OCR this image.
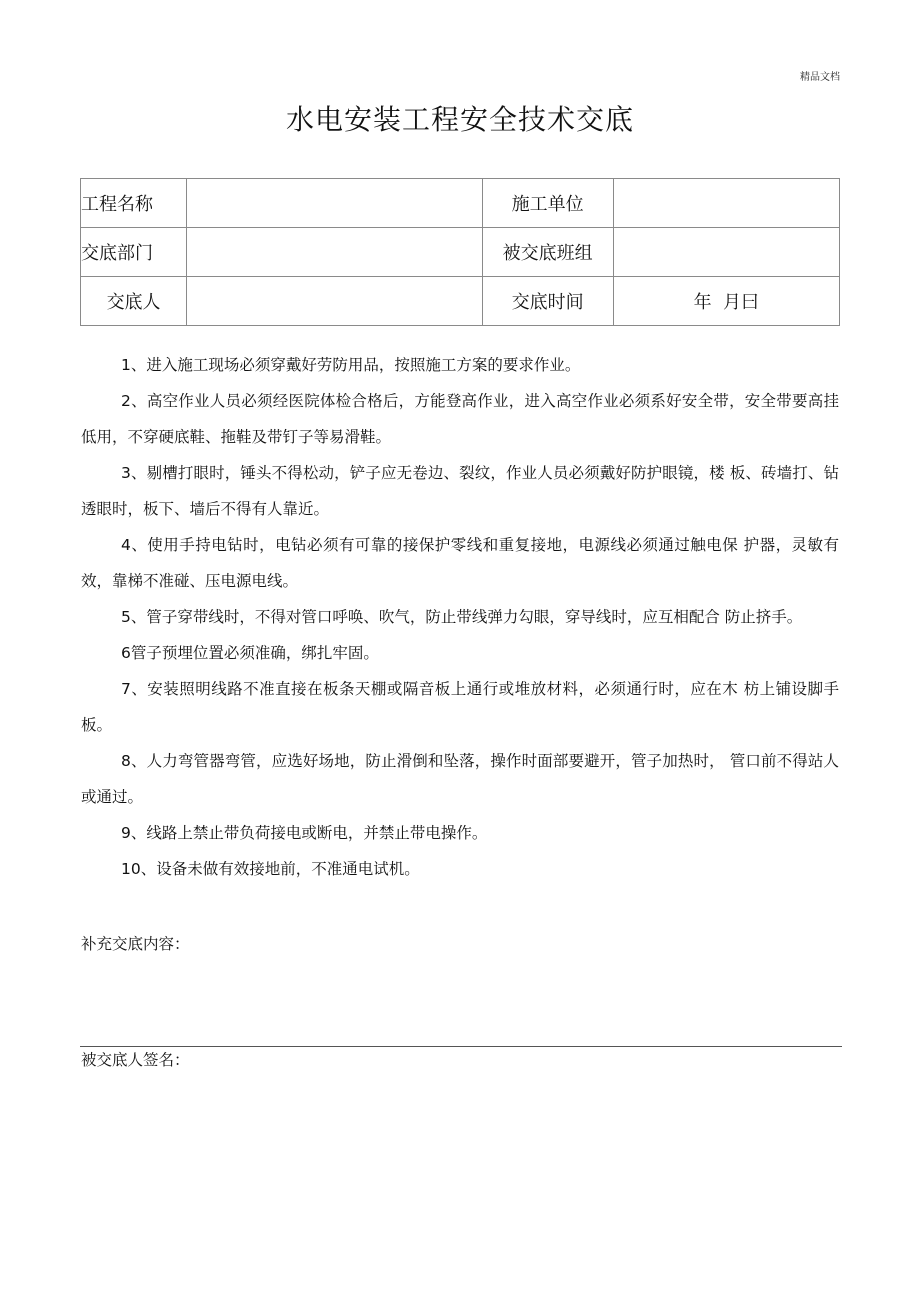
精品文档
水电安装工程安全技术交底
工程名称		施工单位	
交底部门		被交底班组	
交底人		交底时间	年  月曰

1、进入施工现场必须穿戴好劳防用品，按照施工方案的要求作业。

2、高空作业人员必须经医院体检合格后，方能登高作业，进入高空作业必须系好安全带，安全带要高挂低用，不穿硬底鞋、拖鞋及带钉子等易滑鞋。

3、剔槽打眼时，锤头不得松动，铲子应无卷边、裂纹，作业人员必须戴好防护眼镜，楼 板、砖墙打、钻透眼时，板下、墙后不得有人靠近。

4、使用手持电钻时，电钻必须有可靠的接保护零线和重复接地，电源线必须通过触电保 护器，灵敏有效，靠梯不准碰、压电源电线。

5、管子穿带线时，不得对管口呼唤、吹气，防止带线弹力勾眼，穿导线时，应互相配合 防止挤手。

6管子预埋位置必须准确，绑扎牢固。

7、安装照明线路不准直接在板条天棚或隔音板上通行或堆放材料，必须通行时，应在木 枋上铺设脚手板。

8、人力弯管器弯管，应选好场地，防止滑倒和坠落，操作时面部要避开，管子加热时， 管口前不得站人或通过。

9、线路上禁止带负荷接电或断电，并禁止带电操作。

10、设备未做有效接地前，不准通电试机。

补充交底内容：
被交底人签名：
